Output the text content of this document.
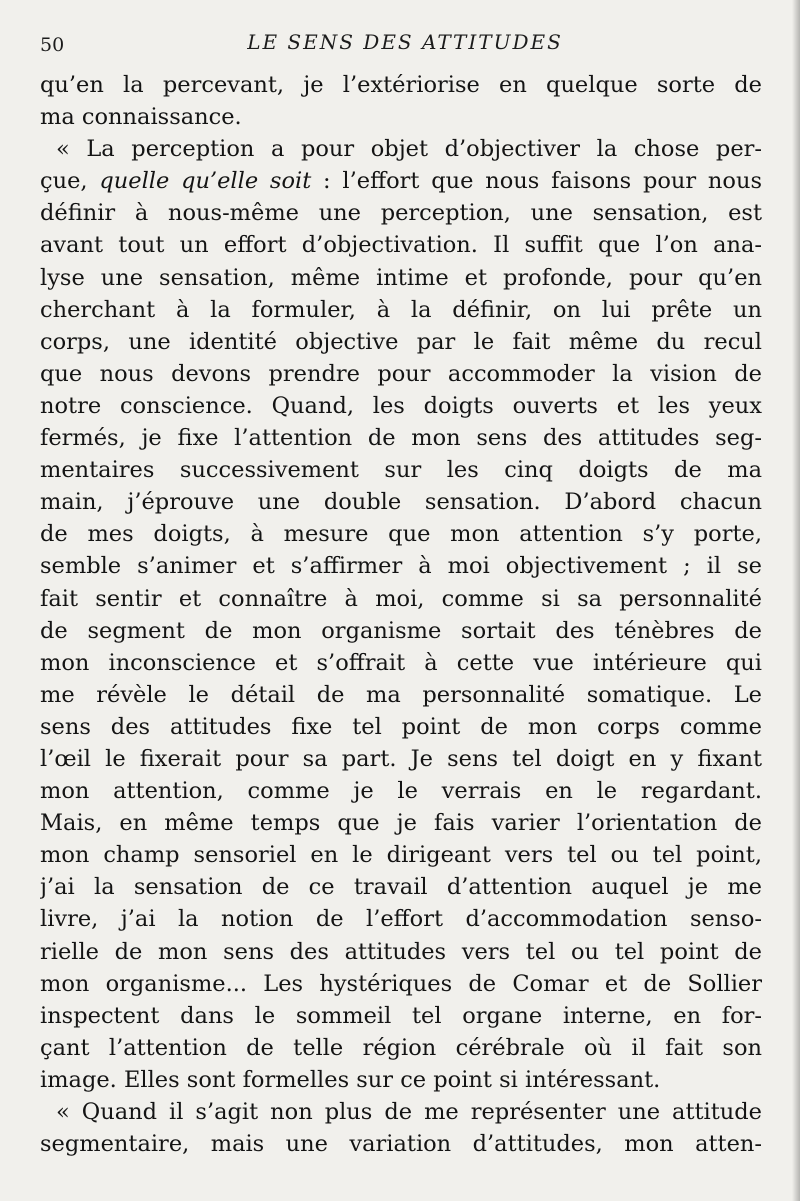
50	LE SENS DES ATTITUDES
qu’en la percevant, je l’extériorise en quelque sorte de
ma connaissance.
« La perception a pour objet d’objectiver la chose per-
çue, quelle qu’elle soit : l’effort que nous faisons pour nous
définir à nous-même une perception, une sensation, est
avant tout un effort d’objectivation. Il suffit que l’on ana-
lyse une sensation, même intime et profonde, pour qu’en
cherchant à la formuler, à la définir, on lui prête un
corps, une identité objective par le fait même du recul
que nous devons prendre pour accommoder la vision de
notre conscience. Quand, les doigts ouverts et les yeux
fermés, je fixe l’attention de mon sens des attitudes seg-
mentaires successivement sur les cinq doigts de ma
main, j’éprouve une double sensation. D’abord chacun
de mes doigts, à mesure que mon attention s’y porte,
semble s’animer et s’affirmer à moi objectivement ; il se
fait sentir et connaître à moi, comme si sa personnalité
de segment de mon organisme sortait des ténèbres de
mon inconscience et s’offrait à cette vue intérieure qui
me révèle le détail de ma personnalité somatique. Le
sens des attitudes fixe tel point de mon corps comme
l’œil le fixerait pour sa part. Je sens tel doigt en y fixant
mon attention, comme je le verrais en le regardant.
Mais, en même temps que je fais varier l’orientation de
mon champ sensoriel en le dirigeant vers tel ou tel point,
j’ai la sensation de ce travail d’attention auquel je me
livre, j’ai la notion de l’effort d’accommodation senso-
rielle de mon sens des attitudes vers tel ou tel point de
mon organisme... Les hystériques de Comar et de Sollier
inspectent dans le sommeil tel organe interne, en for-
çant l’attention de telle région cérébrale où il fait son
image. Elles sont formelles sur ce point si intéressant.
« Quand il s’agit non plus de me représenter une attitude
segmentaire, mais une variation d’attitudes, mon atten-
